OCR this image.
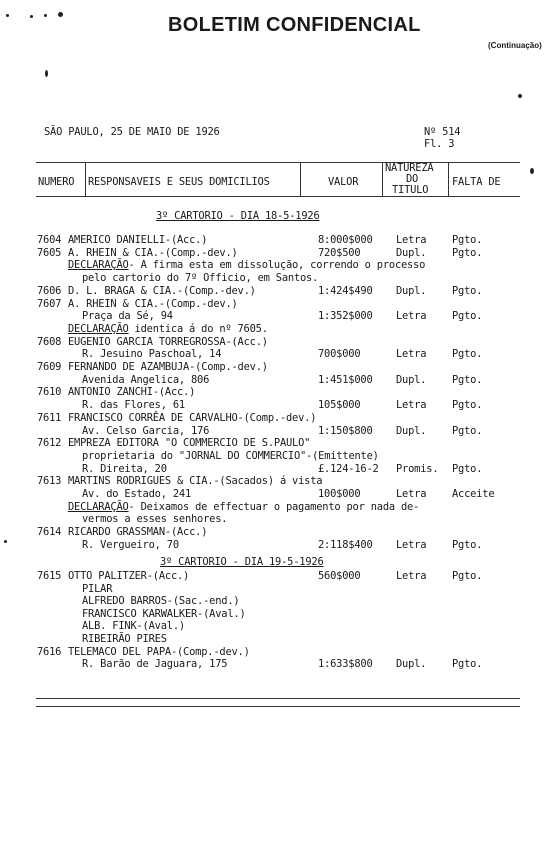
BOLETIM CONFIDENCIAL
(Continuação)
SÃO PAULO, 25 DE MAIO DE 1926	Nº 514
Fl. 3
NUMERO RESPONSAVEIS E SEUS DOMICILIOS	VALOR
NATUREZA
DO
TITULO
FALTA DE
3º CARTORIO - DIA 18-5-1926
7604 AMERICO DANIELLI-(Acc.)	8:000$000 Letra Pgto.
7605 A. RHEIN & CIA.-(Comp.-dev.)	720$500	Dupl. Pgto.
DECLARAÇÃO - A firma esta em dissolução, correndo o processo
pelo cartorio do 7º Officio, em Santos.
7606 D. L. BRAGA & CIA.-(Comp.-dev.)	1:424$490 Dupl. Pgto.
7607 A. RHEIN & CIA.-(Comp.-dev.)
Praça da Sé, 94	1:352$000 Letra Pgto.
DECLARAÇÃO identica á do nº 7605.
7608 EUGENIO GARCIA TORREGROSSA-(Acc.)
R. Jesuino Paschoal, 14	700$000	Letra Pgto.
7609 FERNANDO DE AZAMBUJA-(Comp.-dev.)
Avenida Angelica, 806	1:451$000 Dupl. Pgto.
7610 ANTONIO ZANCHI-(Acc.)
R. das Flores, 61	105$000	Letra Pgto.
7611 FRANCISCO CORRÊA DE CARVALHO-(Comp.-dev.)
Av. Celso Garcia, 176	1:150$800 Dupl. Pgto.
7612 EMPREZA EDITORA "O COMMERCIO DE S.PAULO"
proprietaria do "JORNAL DO COMMERCIO"-(Emittente)
R. Direita, 20	£.124-16-2 Promis. Pgto.
7613 MARTINS RODRIGUES & CIA.-(Sacados) á vista
Av. do Estado, 241	100$000	Letra Acceite
DECLARAÇÃO - Deixamos de effectuar o pagamento por nada de-
vermos a esses senhores.
7614 RICARDO GRASSMAN-(Acc.)
R. Vergueiro, 70	2:118$400 Letra Pgto.
3º CARTORIO - DIA 19-5-1926
7615 OTTO PALITZER-(Acc.)	560$000	Letra Pgto.
PILAR
ALFREDO BARROS-(Sac.-end.)
FRANCISCO KARWALKER-(Aval.)
ALB. FINK-(Aval.)
RIBEIRÃO PIRES
7616 TELEMACO DEL PAPA-(Comp.-dev.)
R. Barão de Jaguara, 175	1:633$800 Dupl. Pgto.
